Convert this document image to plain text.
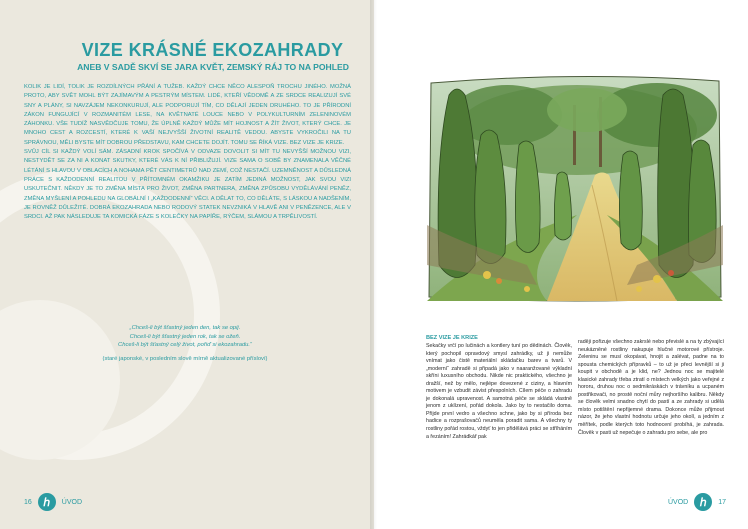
VIZE KRÁSNÉ EKOZAHRADY
ANEB V SADĚ SKVÍ SE JARA KVĚT, ZEMSKÝ RÁJ TO NA POHLED

KOLIK JE LIDÍ, TOLIK JE ROZDÍLNÝCH PŘÁNÍ A TUŽEB. KAŽDÝ CHCE NĚCO ALESPOŇ TROCHU JINÉHO. MOŽNÁ PROTO, ABY SVĚT MOHL BÝT ZAJÍMAVÝM A PESTRÝM MÍSTEM. LIDÉ, KTEŘÍ VĚDOMĚ A ZE SRDCE REALIZUJÍ SVÉ SNY A PLÁNY, SI NAVZÁJEM NEKONKURUJÍ, ALE PODPORUJÍ TÍM, CO DĚLAJÍ JEDEN DRUHÉHO. TO JE PŘÍRODNÍ ZÁKON FUNGUJÍCÍ V ROZMANITÉM LESE, NA KVĚTNATÉ LOUCE NEBO V POLYKULTURNÍM ZELENINOVÉM ZÁHONKU. VŠE TUDÍŽ NASVĚDČUJE TOMU, ŽE ÚPLNĚ KAŽDÝ MŮŽE MÍT HOJNOST A ŽÍT ŽIVOT, KTERÝ CHCE. JE MNOHO CEST A ROZCESTÍ, KTERÉ K VAŠÍ NEJVYŠŠÍ ŽIVOTNÍ REALITĚ VEDOU. ABYSTE VYKROČILI NA TU SPRÁVNOU, MĚLI BYSTE MÍT DOBROU PŘEDSTAVU, KAM CHCETE DOJÍT. TOMU SE ŘÍKÁ VIZE. BEZ VIZE JE KRIZE.

SVŮJ CÍL SI KAŽDÝ VOLÍ SÁM. ZÁSADNÍ KROK SPOČÍVÁ V ODVAZE DOVOLIT SI MÍT TU NEVYŠŠÍ MOŽNOU VIZI, NESTYDĚT SE ZA NI A KONAT SKUTKY, KTERÉ VÁS K NÍ PŘIBLIŽUJÍ. VIZE SAMA O SOBĚ BY ZNAMENALA VĚČNÉ LÉTÁNÍ S HLAVOU V OBLACÍCH A NOHAMA PĚT CENTIMETRŮ NAD ZEMÍ, COŽ NESTAČÍ. UZEMNĚNOST A DŮSLEDNÁ PRÁCE S KAŽDODENNÍ REALITOU V PŘÍTOMNÉM OKAMŽIKU JE ZATÍM JEDINÁ MOŽNOST, JAK SVOU VIZI USKUTEČNIT. NĚKDY JE TO ZMĚNA MÍSTA PRO ŽIVOT, ZMĚNA PARTNERA, ZMĚNA ZPŮSOBU VYDĚLÁVÁNÍ PENĚZ, ZMĚNA MYŠLENÍ A POHLEDU NA GLOBÁLNÍ I „KAŽDODENNÍ“ VĚCI. A DĚLAT TO, CO DĚLÁTE, S LÁSKOU A NADŠENÍM, JE ROVNĚŽ DŮLEŽITÉ. DOBRÁ EKOZAHRADA NEBO RODOVÝ STATEK NEVZNIKÁ V HLAVĚ ANI V PENĚZENCE, ALE V SRDCI. AŽ PAK NÁSLEDUJE TA KOMICKÁ FÁZE S KOLEČKY NA PAPÍŘE, RÝČEM, SLÁMOU A TRPĚLIVOSTÍ.

„Chceš-li být šťastný jeden den, tak se opij.
Chceš-li být šťastný jeden rok, tak se ožeň.
Chceš-li být šťastný celý život, pořiď si ekozahradu.“
(staré japonské, v posledním slově mírně aktualizované přísloví)
16	ℎ	ÚVOD	ÚVOD	ℎ	17
BEZ VIZE JE KRIZE

Sekačky vrčí po lučinách a kontlery tuní po dědinách. Člověk, který pochopil opravdový smysl zahrádky, už ji nemůže vnímat jako čistě materiální skládačku barev a tvarů. V „moderní“ zahradě si připadá jako v naaranžované výkladní skříni luxusního obchodu. Nikde nic praktického, všechno je dražší, než by mělo, nejlépe dovezené z ciziny, a hlavním motivem je vzbudit závist přespolních. Cílem péče o zahradu je dokonalá upravenost. A samotná péče se skládá vlastně jenom z uklízení, pořád dokola. Jako by to nestačilo doma. Přijde první vedro a všechno schne, jako by si příroda bez hadice a rozprašovačů neuměla poradit sama. A všechny ty rostliny pořád rostou, vždyť to jen přidělává práci se stříháním a řezáním! Zahrádkář pak

raději pořizuje všechno zakrslé nebo převislé a na ty zbývající neukázněné rostliny nakupuje hlučné motorové přístroje. Zeleninu se musí okopávat, hnojit a zalévat, padne na to spousta chemických přípravků – to už je přeci levnější si ji koupit v obchodě a je klid, ne? Jednou noc se majitelé klasické zahrady třeba ztratí o místech velkých jako veřejné z hororu, druhou noc o sedmikráskách v trávníku a ucpaném postřikovači, no prostě noční můry nejhoršího kalibru. Někdy se člověk velmi snadno chytí do pastí a ze zahrady si udělá místo potištění nepřijemné drama. Dokonce může přijmout názor, že jeho vlastní hodnotu určuje jeho okolí, a jedním z měřítek, podle kterých toto hodnocení probíhá, je zahrada. Člověk v pasti už nepečuje o zahradu pro sebe, ale pro
